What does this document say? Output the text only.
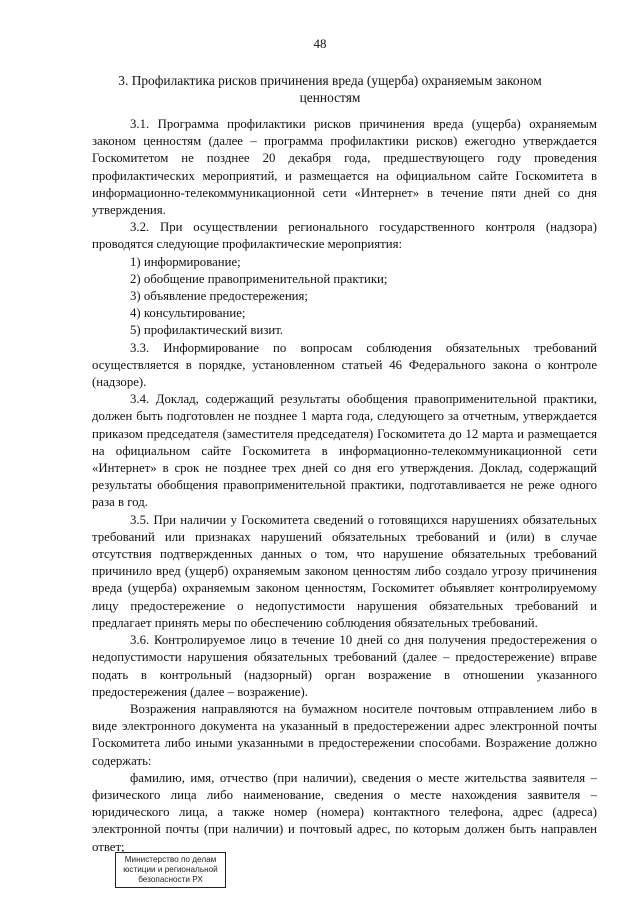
48
3. Профилактика рисков причинения вреда (ущерба) охраняемым законом ценностям

3.1. Программа профилактики рисков причинения вреда (ущерба) охраняемым законом ценностям (далее – программа профилактики рисков) ежегодно утверждается Госкомитетом не позднее 20 декабря года, предшествующего году проведения профилактических мероприятий, и размещается на официальном сайте Госкомитета в информационно-телекоммуникационной сети «Интернет» в течение пяти дней со дня утверждения.

3.2. При осуществлении регионального государственного контроля (надзора) проводятся следующие профилактические мероприятия:

1) информирование;

2) обобщение правоприменительной практики;

3) объявление предостережения;

4) консультирование;

5) профилактический визит.

3.3. Информирование по вопросам соблюдения обязательных требований осуществляется в порядке, установленном статьей 46 Федерального закона о контроле (надзоре).

3.4. Доклад, содержащий результаты обобщения правоприменительной практики, должен быть подготовлен не позднее 1 марта года, следующего за отчетным, утверждается приказом председателя (заместителя председателя) Госкомитета до 12 марта и размещается на официальном сайте Госкомитета в информационно-телекоммуникационной сети «Интернет» в срок не позднее трех дней со дня его утверждения. Доклад, содержащий результаты обобщения правоприменительной практики, подготавливается не реже одного раза в год.

3.5. При наличии у Госкомитета сведений о готовящихся нарушениях обязательных требований или признаках нарушений обязательных требований и (или) в случае отсутствия подтвержденных данных о том, что нарушение обязательных требований причинило вред (ущерб) охраняемым законом ценностям либо создало угрозу причинения вреда (ущерба) охраняемым законом ценностям, Госкомитет объявляет контролируемому лицу предостережение о недопустимости нарушения обязательных требований и предлагает принять меры по обеспечению соблюдения обязательных требований.

3.6. Контролируемое лицо в течение 10 дней со дня получения предостережения о недопустимости нарушения обязательных требований (далее – предостережение) вправе подать в контрольный (надзорный) орган возражение в отношении указанного предостережения (далее – возражение).

Возражения направляются на бумажном носителе почтовым отправлением либо в виде электронного документа на указанный в предостережении адрес электронной почты Госкомитета либо иными указанными в предостережении способами. Возражение должно содержать:

фамилию, имя, отчество (при наличии), сведения о месте жительства заявителя – физического лица либо наименование, сведения о месте нахождения заявителя – юридического лица, а также номер (номера) контактного телефона, адрес (адреса) электронной почты (при наличии) и почтовый адрес, по которым должен быть направлен ответ;

Министерство по делам
юстиции и региональной
безопасности РХ
